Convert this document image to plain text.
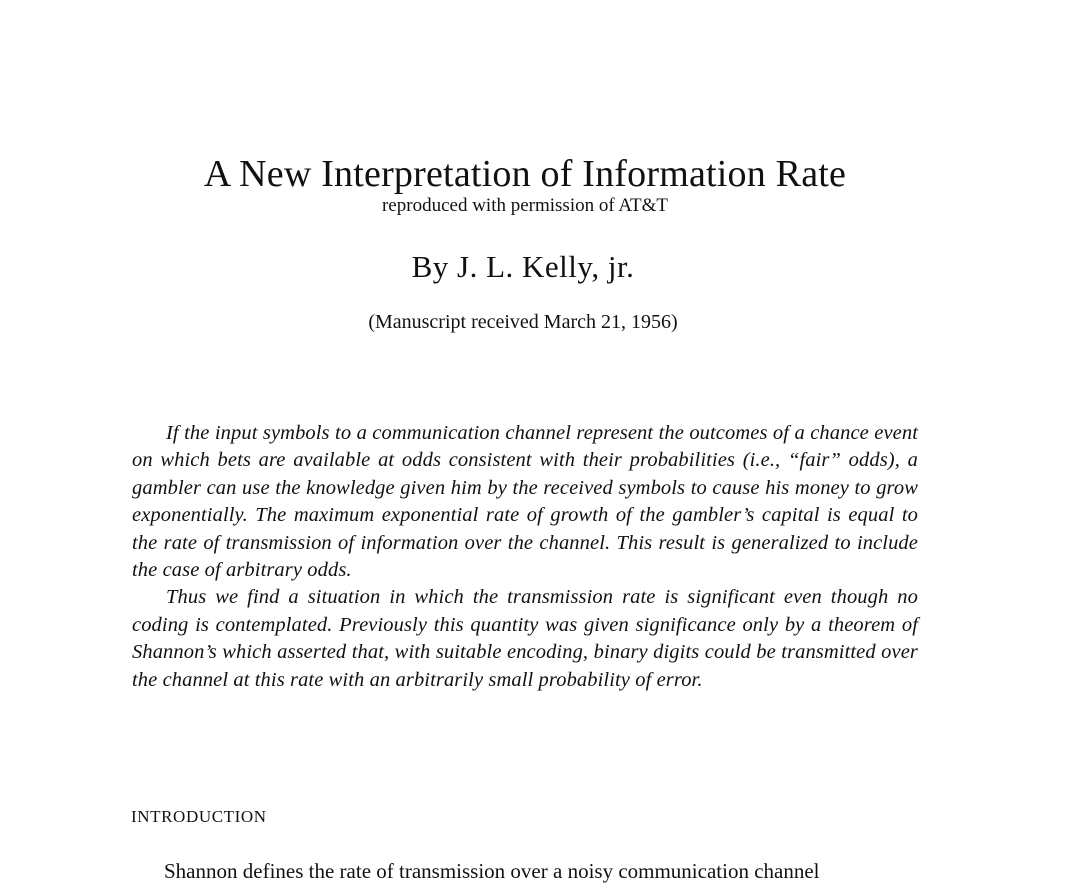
A New Interpretation of Information Rate
reproduced with permission of AT&T
By J. L. Kelly, jr.
(Manuscript received March 21, 1956)

If the input symbols to a communication channel represent the outcomes of a chance event on which bets are available at odds consistent with their probabilities (i.e., “fair” odds), a gambler can use the knowledge given him by the received symbols to cause his money to grow exponentially. The maximum exponential rate of growth of the gambler’s capital is equal to the rate of transmission of information over the channel. This result is generalized to include the case of arbitrary odds.

Thus we find a situation in which the transmission rate is significant even though no coding is contemplated. Previously this quantity was given significance only by a theorem of Shannon’s which asserted that, with suitable encoding, binary digits could be transmitted over the channel at this rate with an arbitrarily small probability of error.

INTRODUCTION

Shannon defines the rate of transmission over a noisy communication channel
